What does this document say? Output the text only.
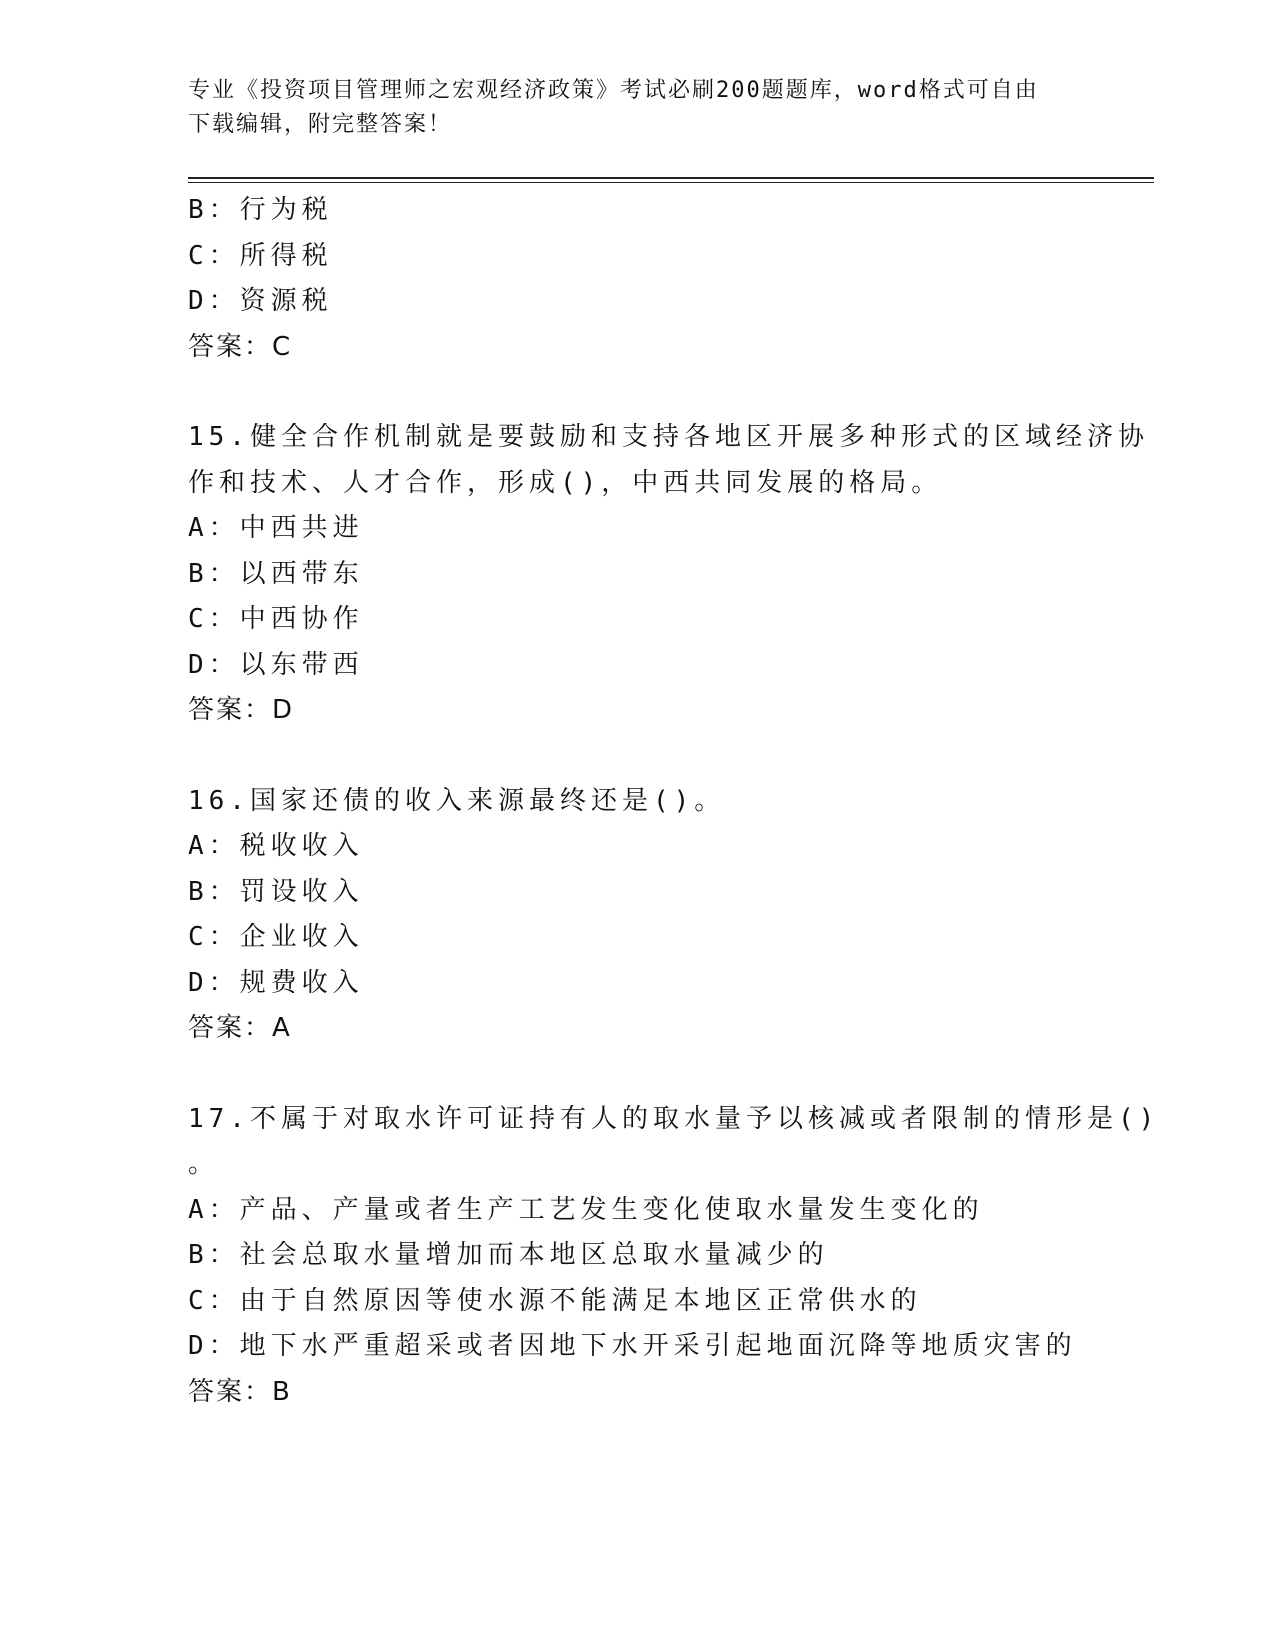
专业《投资项目管理师之宏观经济政策》考试必刷200题题库，word格式可自由
下载编辑，附完整答案！
B：行为税
C：所得税
D：资源税
答案：C
15.健全合作机制就是要鼓励和支持各地区开展多种形式的区域经济协
作和技术、人才合作，形成()，中西共同发展的格局。
A：中西共进
B：以西带东
C：中西协作
D：以东带西
答案：D
16.国家还债的收入来源最终还是()。
A：税收收入
B：罚设收入
C：企业收入
D：规费收入
答案：A
17.不属于对取水许可证持有人的取水量予以核减或者限制的情形是()
。
A：产品、产量或者生产工艺发生变化使取水量发生变化的
B：社会总取水量增加而本地区总取水量减少的
C：由于自然原因等使水源不能满足本地区正常供水的
D：地下水严重超采或者因地下水开采引起地面沉降等地质灾害的
答案：B
